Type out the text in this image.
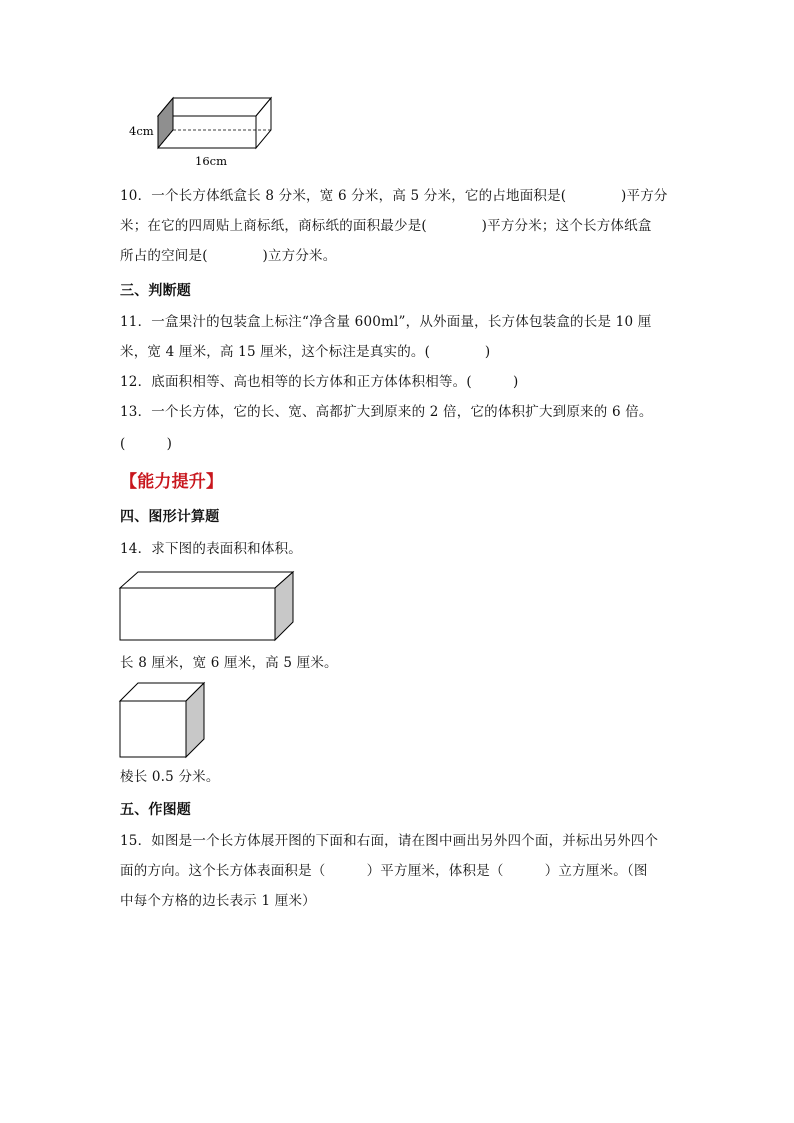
4cm
16cm
10．一个长方体纸盒长 8 分米，宽 6 分米，高 5 分米，它的占地面积是(　　　　)平方分
米；在它的四周贴上商标纸，商标纸的面积最少是(　　　　)平方分米；这个长方体纸盒
所占的空间是(　　　　)立方分米。
三、判断题
11．一盒果汁的包装盒上标注“净含量 600ml”，从外面量，长方体包装盒的长是 10 厘
米，宽 4 厘米，高 15 厘米，这个标注是真实的。(　　　　)
12．底面积相等、高也相等的长方体和正方体体积相等。(　　　)
13．一个长方体，它的长、宽、高都扩大到原来的 2 倍，它的体积扩大到原来的 6 倍。
(　　　)
【能力提升】
四、图形计算题
14．求下图的表面积和体积。
长 8 厘米，宽 6 厘米，高 5 厘米。
棱长 0.5 分米。
五、作图题
15．如图是一个长方体展开图的下面和右面，请在图中画出另外四个面，并标出另外四个
面的方向。这个长方体表面积是（　　　）平方厘米，体积是（　　　）立方厘米。（图
中每个方格的边长表示 1 厘米）
